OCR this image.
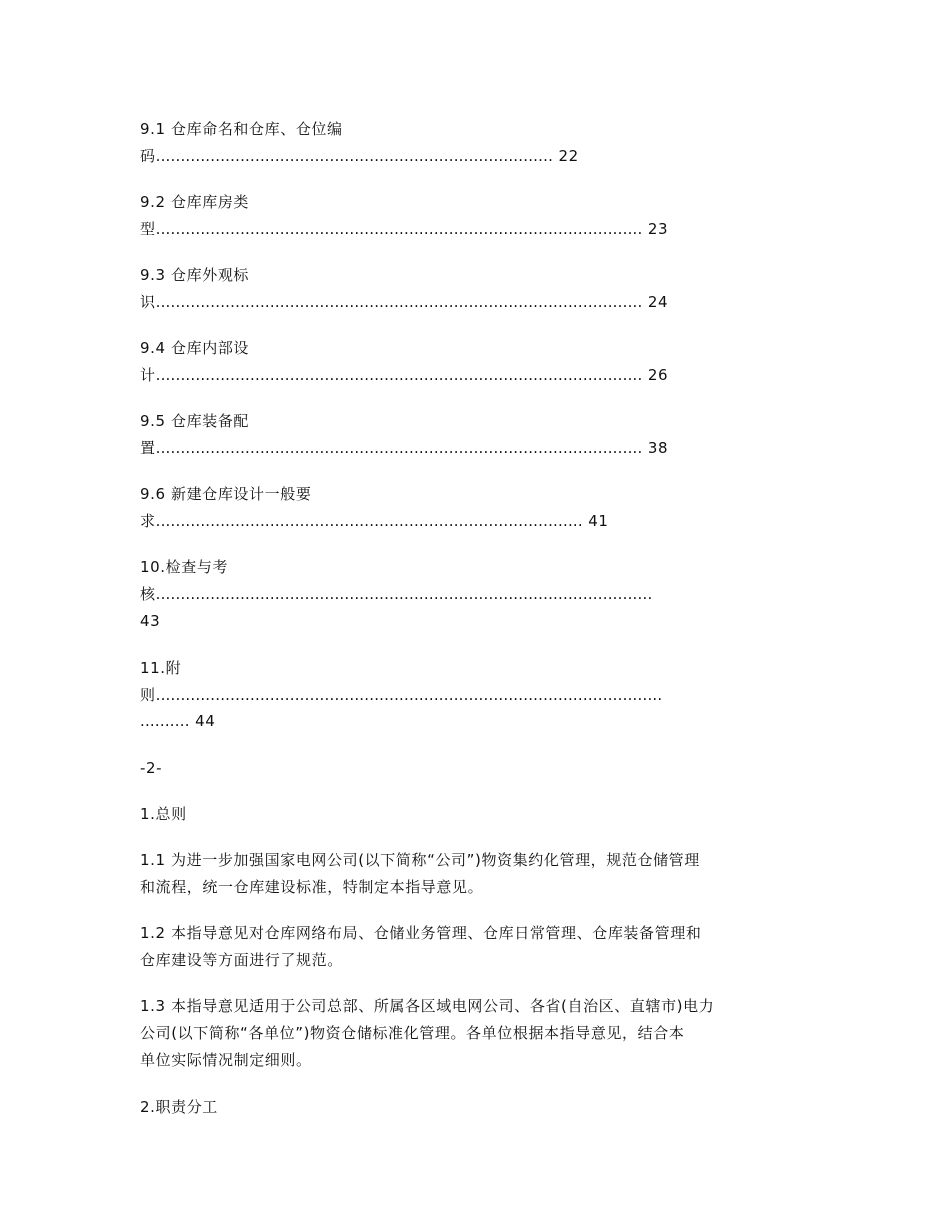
9.1 仓库命名和仓库、仓位编
码................................................................................ 22
9.2 仓库库房类
型.................................................................................................. 23
9.3 仓库外观标
识.................................................................................................. 24
9.4 仓库内部设
计.................................................................................................. 26
9.5 仓库装备配
置.................................................................................................. 38
9.6 新建仓库设计一般要
求...................................................................................... 41
10.检查与考
核....................................................................................................
43
11.附
则......................................................................................................
.......... 44
-2-
1.总则
1.1 为进一步加强国家电网公司(以下简称“公司”)物资集约化管理，规范仓储管理
和流程，统一仓库建设标准，特制定本指导意见。
1.2 本指导意见对仓库网络布局、仓储业务管理、仓库日常管理、仓库装备管理和
仓库建设等方面进行了规范。
1.3 本指导意见适用于公司总部、所属各区域电网公司、各省(自治区、直辖市)电力
公司(以下简称“各单位”)物资仓储标准化管理。各单位根据本指导意见，结合本
单位实际情况制定细则。
2.职责分工
